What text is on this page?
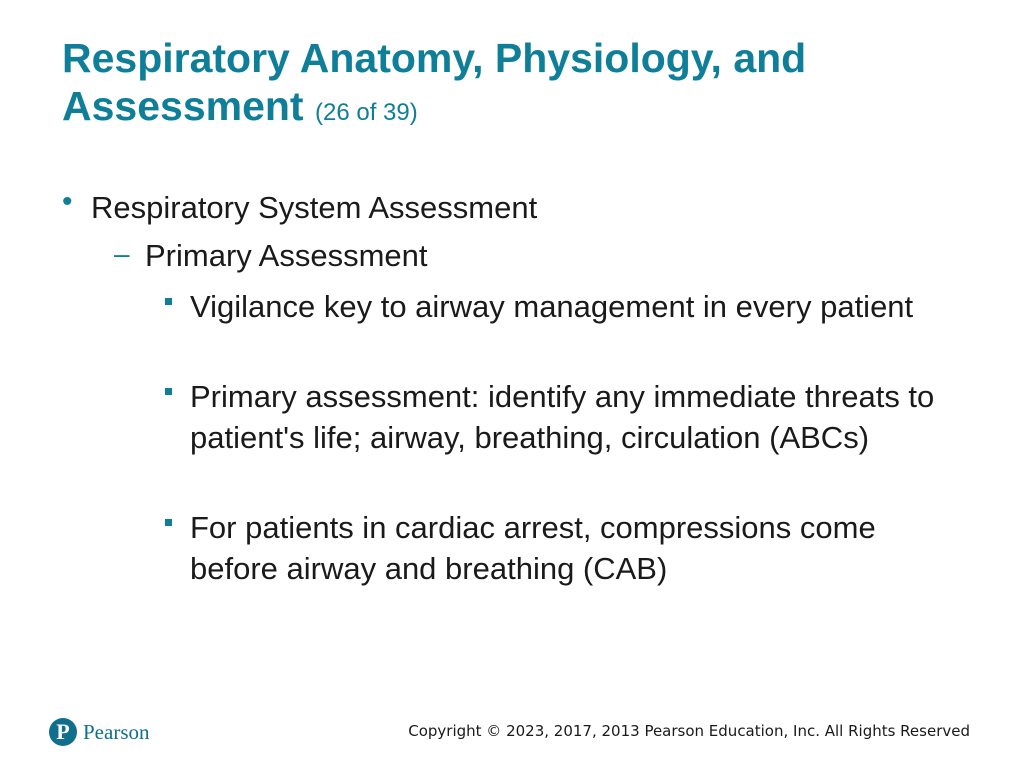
Respiratory Anatomy, Physiology, and Assessment (26 of 39)

• Respiratory System Assessment

– Primary Assessment

Vigilance key to airway management in every patient

Primary assessment: identify any immediate threats to patient's life; airway, breathing, circulation (ABCs)

For patients in cardiac arrest, compressions come before airway and breathing (CAB)

P Pearson	Copyright © 2023, 2017, 2013 Pearson Education, Inc. All Rights Reserved
